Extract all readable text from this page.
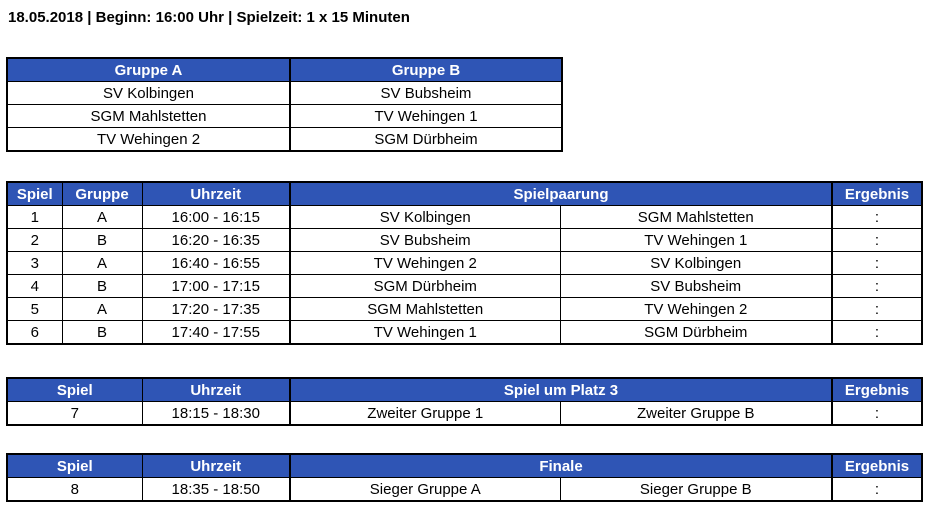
18.05.2018 | Beginn: 16:00 Uhr | Spielzeit: 1 x 15 Minuten
Gruppe A	Gruppe B
SV Kolbingen	SV Bubsheim
SGM Mahlstetten	TV Wehingen 1
TV Wehingen 2	SGM Dürbheim
Spiel	Gruppe	Uhrzeit	Spielpaarung		Ergebnis
1	A	16:00 - 16:15	SV Kolbingen	SGM Mahlstetten	:
2	B	16:20 - 16:35	SV Bubsheim	TV Wehingen 1	:
3	A	16:40 - 16:55	TV Wehingen 2	SV Kolbingen	:
4	B	17:00 - 17:15	SGM Dürbheim	SV Bubsheim	:
5	A	17:20 - 17:35	SGM Mahlstetten	TV Wehingen 2	:
6	B	17:40 - 17:55	TV Wehingen 1	SGM Dürbheim	:
Spiel	Uhrzeit	Spiel um Platz 3		Ergebnis
7	18:15 - 18:30	Zweiter Gruppe 1	Zweiter Gruppe B	:
Spiel	Uhrzeit	Finale		Ergebnis
8	18:35 - 18:50	Sieger Gruppe A	Sieger Gruppe B	:
